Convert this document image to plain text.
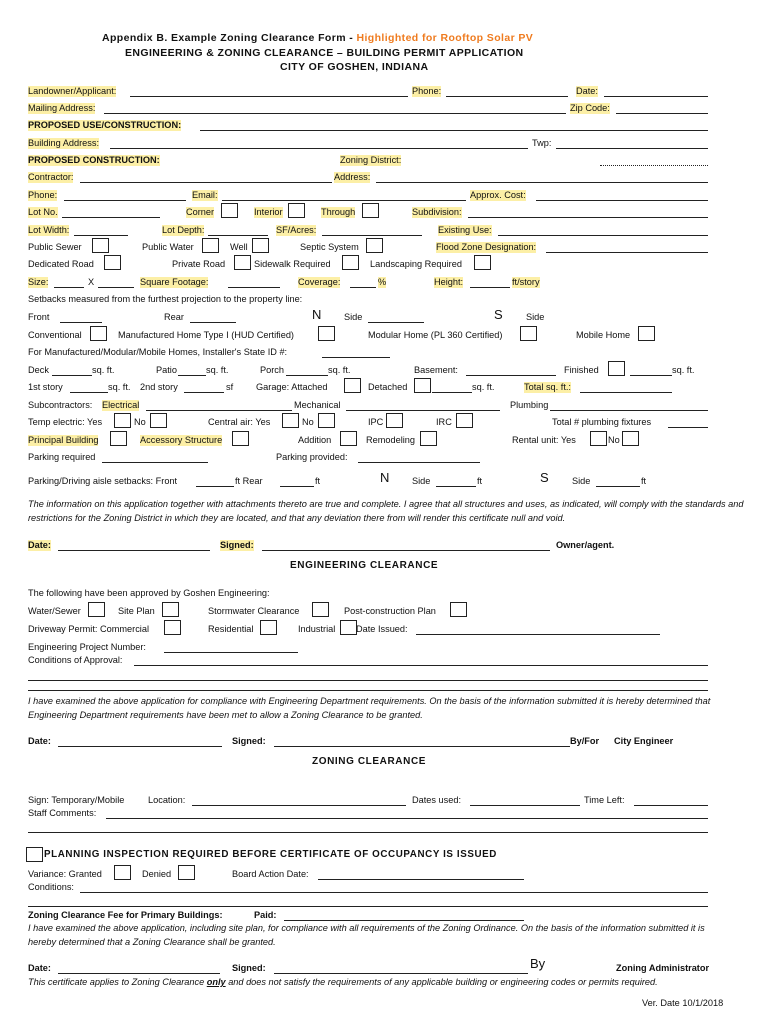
Appendix B. Example Zoning Clearance Form - Highlighted for Rooftop Solar PV
ENGINEERING & ZONING CLEARANCE – BUILDING PERMIT APPLICATION
CITY OF GOSHEN, INDIANA
Landowner/Applicant:	Phone:	Date:
Mailing Address:	Zip Code:
PROPOSED USE/CONSTRUCTION:
Building Address:	Twp:
PROPOSED CONSTRUCTION:	Zoning District:
Contractor:	Address:
Phone:	Email:	Approx. Cost:
Lot No.	Corner	Interior	Through	Subdivision:
Lot Width:	Lot Depth:	SF/Acres:	Existing Use:
Public Sewer	Public Water	Well	Septic System	Flood Zone Designation:
Dedicated Road	Private Road	Sidewalk Required	Landscaping Required
Size:	X	Square Footage:	Coverage:	%	Height:	ft/story
Setbacks measured from the furthest projection to the property line:
Front	Rear	N Side	S	Side
Conventional	Manufactured Home Type I (HUD Certified)	Modular Home (PL 360 Certified)	Mobile Home
For Manufactured/Modular/Mobile Homes, Installer's State ID #:
Deck	sq. ft.	Patio	sq. ft.	Porch	sq. ft.	Basement:	Finished	sq. ft.
1st story	sq. ft. 2nd story	sf Garage: Attached	Detached	sq. ft.	Total sq. ft.:
Subcontractors: Electrical	Mechanical	Plumbing
Temp electric: Yes	No	Central air: Yes	No	IPC	IRC	Total # plumbing fixtures
Principal Building	Accessory Structure	Addition	Remodeling	Rental unit: Yes	No
Parking required	Parking provided:
Parking/Driving aisle setbacks: Front	ft Rear	ft	N Side	ft	S	Side	ft
The information on this application together with attachments thereto are true and complete. I agree that all structures and uses, as indicated, will comply with the standards and restrictions for the Zoning District in which they are located, and that any deviation there from will render this certificate null and void.
Date:	Signed:	Owner/agent.
ENGINEERING CLEARANCE
The following have been approved by Goshen Engineering:
Water/Sewer	Site Plan	Stormwater Clearance	Post-construction Plan
Driveway Permit: Commercial	Residential	Industrial Date Issued:
Engineering Project Number:
Conditions of Approval:
I have examined the above application for compliance with Engineering Department requirements. On the basis of the information submitted it is hereby determined that Engineering Department requirements have been met to allow a Zoning Clearance to be granted.
Date:	Signed:	By/For City Engineer
ZONING CLEARANCE
Sign: Temporary/Mobile	Location:	Dates used:	Time Left:
Staff Comments:
PLANNING INSPECTION REQUIRED BEFORE CERTIFICATE OF OCCUPANCY IS ISSUED
Variance: Granted	Denied	Board Action Date:
Conditions:
Zoning Clearance Fee for Primary Buildings:	Paid:
I have examined the above application, including site plan, for compliance with all requirements of the Zoning Ordinance. On the basis of the information submitted it is hereby determined that a Zoning Clearance shall be granted.
Date:	Signed:	By	Zoning Administrator
This certificate applies to Zoning Clearance only and does not satisfy the requirements of any applicable building or engineering codes or permits required.
Ver. Date 10/1/2018
